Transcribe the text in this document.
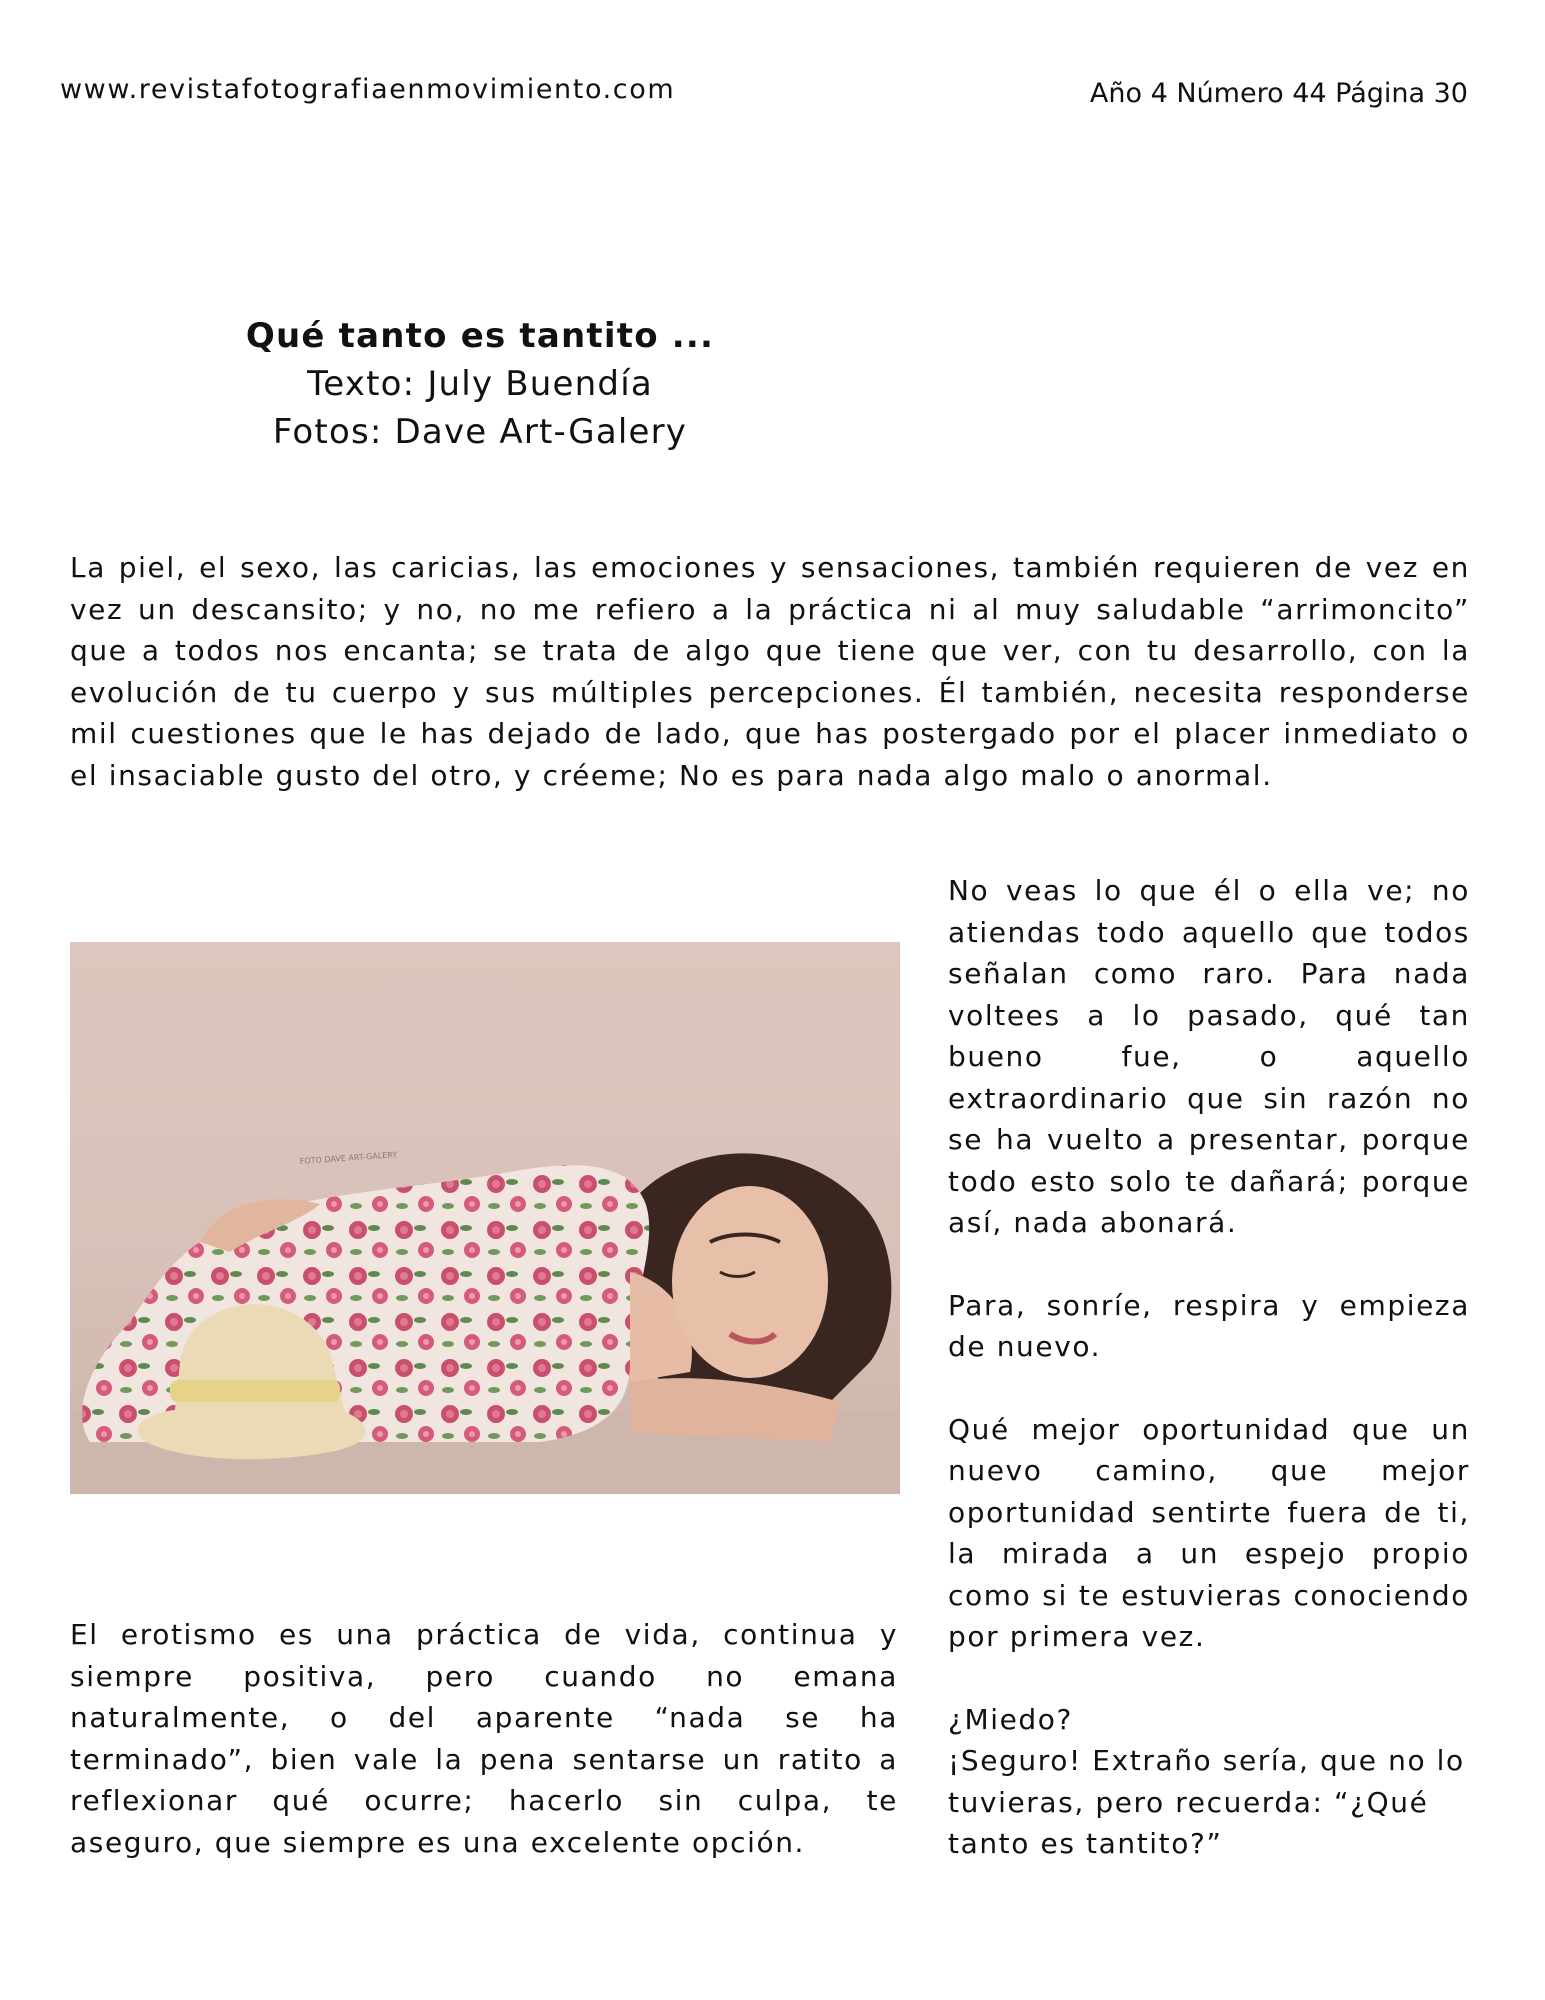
www.revistafotografiaenmovimiento.com	Año 4 Número 44 Página 30
Qué tanto es tantito ...
Texto: July Buendía
Fotos: Dave Art-Galery

La piel, el sexo, las caricias, las emociones y sensaciones, también requieren de vez en vez un descansito; y no, no me refiero a la práctica ni al muy saludable “arrimoncito” que a todos nos encanta; se trata de algo que tiene que ver, con tu desarrollo, con la evolución de tu cuerpo y sus múltiples percepciones. Él también, necesita responderse mil cuestiones que le has dejado de lado, que has postergado por el placer inmediato o el insaciable gusto del otro, y créeme; No es para nada algo malo o anormal.

FOTO DAVE ART-GALERY

No veas lo que él o ella ve; no atiendas todo aquello que todos señalan como raro. Para nada voltees a lo pasado, qué tan bueno fue, o aquello extraordinario que sin razón no se ha vuelto a presentar, porque todo esto solo te dañará; porque así, nada abonará.

Para, sonríe, respira y empieza de nuevo.

Qué mejor oportunidad que un nuevo camino, que mejor oportunidad sentirte fuera de ti, la mirada a un espejo propio como si te estuvieras conociendo por primera vez.

¿Miedo?
¡Seguro! Extraño sería, que no lo tuvieras, pero recuerda: “¿Qué tanto es tantito?”

El erotismo es una práctica de vida, continua y siempre positiva, pero cuando no emana naturalmente, o del aparente “nada se ha terminado”, bien vale la pena sentarse un ratito a reflexionar qué ocurre; hacerlo sin culpa, te aseguro, que siempre es una excelente opción.
